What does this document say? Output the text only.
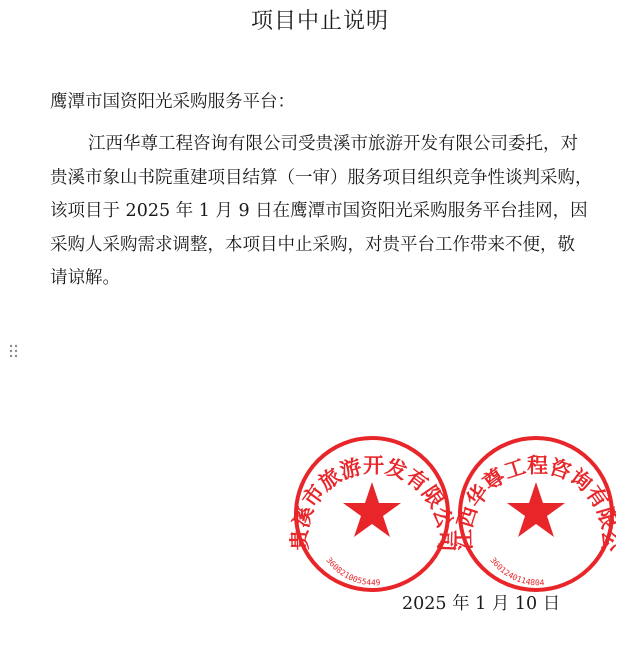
项目中止说明
鹰潭市国资阳光采购服务平台：

江西华尊工程咨询有限公司受贵溪市旅游开发有限公司委托，对

贵溪市象山书院重建项目结算（一审）服务项目组织竞争性谈判采购，

该项目于 2025 年 1 月 9 日在鹰潭市国资阳光采购服务平台挂网，因

采购人采购需求调整，本项目中止采购，对贵平台工作带来不便，敬

请谅解。

贵溪市旅游开发有限公司
3608210055449
江西华尊工程咨询有
3601240114804
2025 年 1 月 10 日
